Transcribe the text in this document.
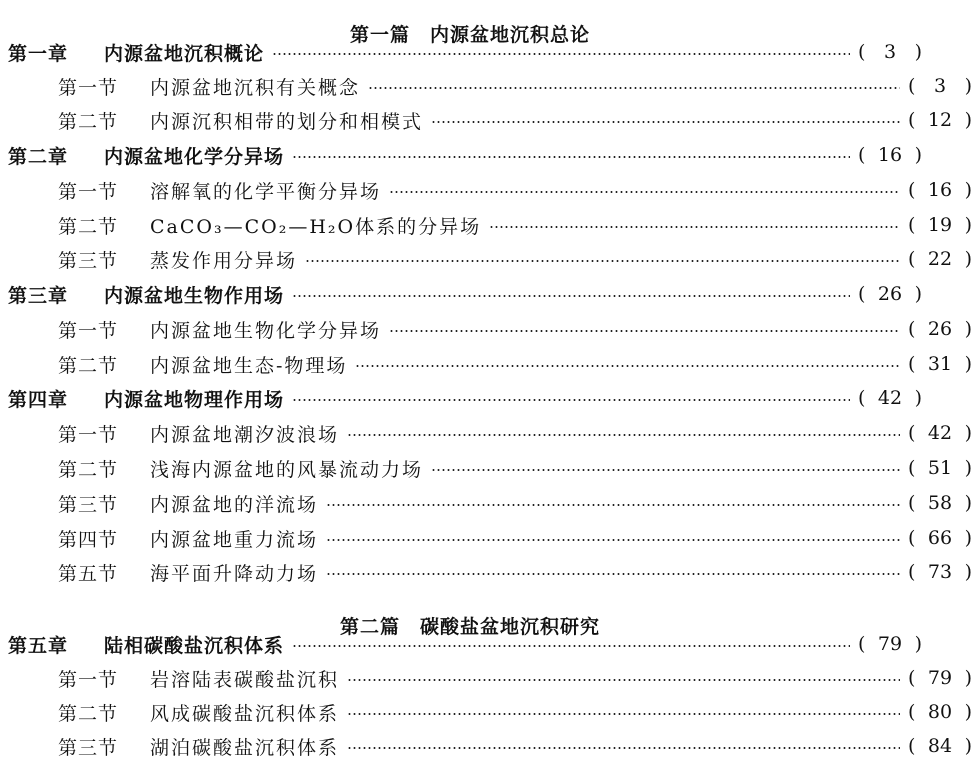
第一篇　内源盆地沉积总论
第一章	内源盆地沉积概论	( 3 )
第一节	内源盆地沉积有关概念	( 3 )
第二节	内源沉积相带的划分和相模式	( 12 )
第二章	内源盆地化学分异场	( 16 )
第一节	溶解氧的化学平衡分异场	( 16 )
第二节	CaCO₃—CO₂—H₂O体系的分异场	( 19 )
第三节	蒸发作用分异场	( 22 )
第三章	内源盆地生物作用场	( 26 )
第一节	内源盆地生物化学分异场	( 26 )
第二节	内源盆地生态-物理场	( 31 )
第四章	内源盆地物理作用场	( 42 )
第一节	内源盆地潮汐波浪场	( 42 )
第二节	浅海内源盆地的风暴流动力场	( 51 )
第三节	内源盆地的洋流场	( 58 )
第四节	内源盆地重力流场	( 66 )
第五节	海平面升降动力场	( 73 )
第二篇　碳酸盐盆地沉积研究
第五章	陆相碳酸盐沉积体系	( 79 )
第一节	岩溶陆表碳酸盐沉积	( 79 )
第二节	风成碳酸盐沉积体系	( 80 )
第三节	湖泊碳酸盐沉积体系	( 84 )
